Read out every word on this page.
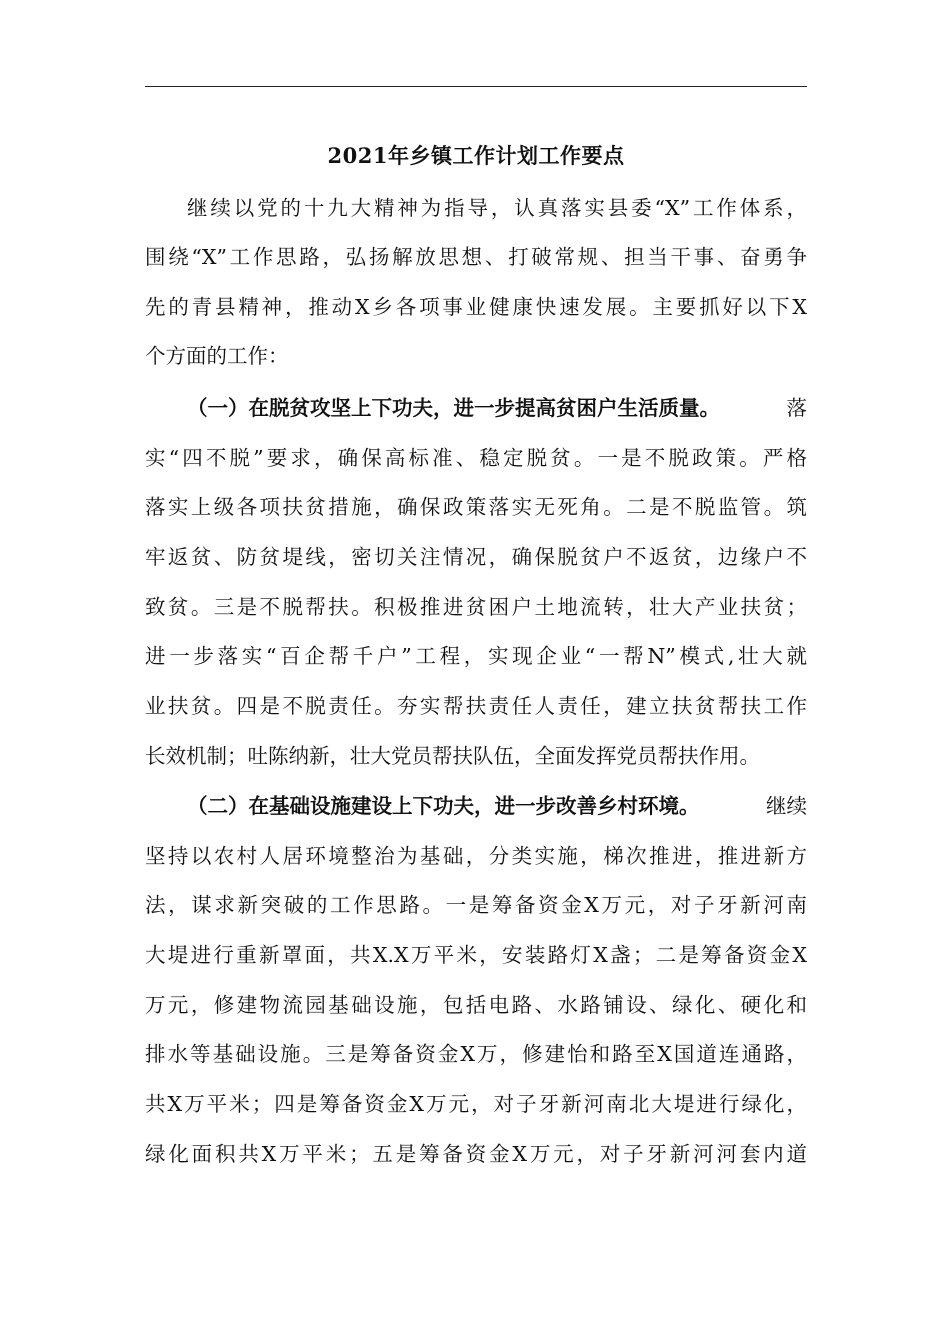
2021年乡镇工作计划工作要点
继续以党的十九大精神为指导，认真落实县委“X”工作体系，
围绕“X”工作思路，弘扬解放思想、打破常规、担当干事、奋勇争
先的青县精神，推动X乡各项事业健康快速发展。主要抓好以下X
个方面的工作：
（一）在脱贫攻坚上下功夫，进一步提高贫困户生活质量。	落
实“四不脱”要求，确保高标准、稳定脱贫。一是不脱政策。严格
落实上级各项扶贫措施，确保政策落实无死角。二是不脱监管。筑
牢返贫、防贫堤线，密切关注情况，确保脱贫户不返贫，边缘户不
致贫。三是不脱帮扶。积极推进贫困户土地流转，壮大产业扶贫；
进一步落实“百企帮千户”工程，实现企业“一帮N”模式,壮大就
业扶贫。四是不脱责任。夯实帮扶责任人责任，建立扶贫帮扶工作
长效机制；吐陈纳新，壮大党员帮扶队伍，全面发挥党员帮扶作用。
（二）在基础设施建设上下功夫，进一步改善乡村环境。	继续
坚持以农村人居环境整治为基础，分类实施，梯次推进，推进新方
法，谋求新突破的工作思路。一是筹备资金X万元，对子牙新河南
大堤进行重新罩面，共X.X万平米，安装路灯X盏；二是筹备资金X
万元，修建物流园基础设施，包括电路、水路铺设、绿化、硬化和
排水等基础设施。三是筹备资金X万，修建怡和路至X国道连通路，
共X万平米；四是筹备资金X万元，对子牙新河南北大堤进行绿化，
绿化面积共X万平米；五是筹备资金X万元，对子牙新河河套内道
